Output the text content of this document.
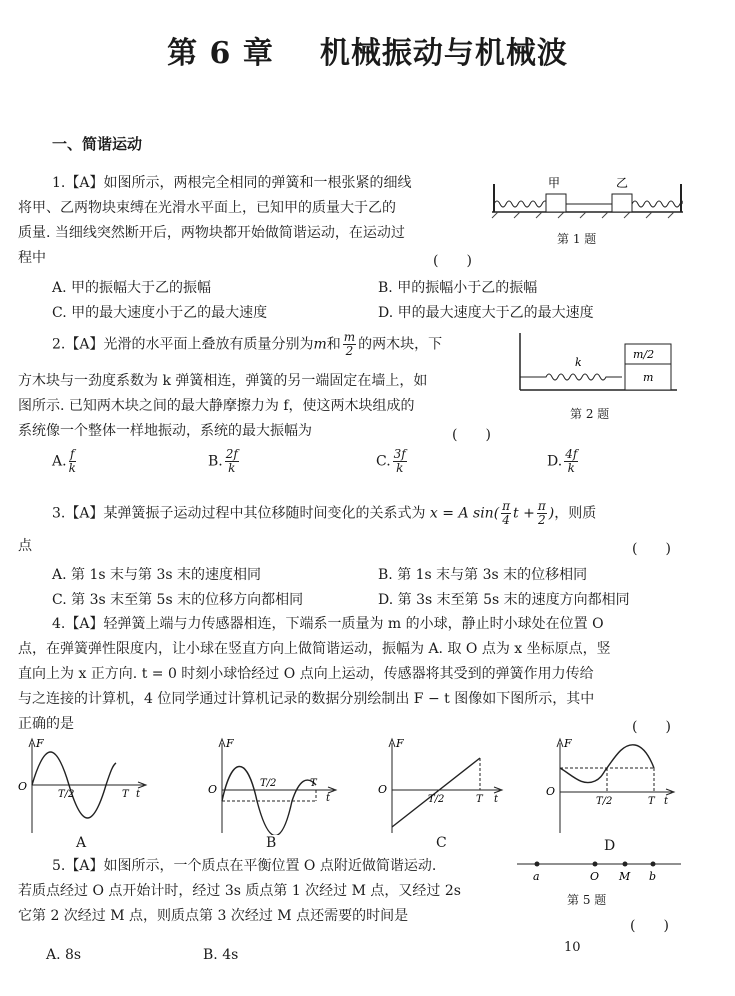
第 6 章 机械振动与机械波
一、简谐运动
1.【A】如图所示，两根完全相同的弹簧和一根张紧的细线
将甲、乙两物块束缚在光滑水平面上，已知甲的质量大于乙的
质量. 当细线突然断开后，两物块都开始做简谐运动，在运动过
程中	(　　)
甲	乙
第 1 题
A. 甲的振幅大于乙的振幅	B. 甲的振幅小于乙的振幅
C. 甲的最大速度小于乙的最大速度	D. 甲的最大速度大于乙的最大速度
2.【A】光滑的水平面上叠放有质量分别为m和 $\frac{m}{2}$ 的两木块，下
方木块与一劲度系数为 k 弹簧相连，弹簧的另一端固定在墙上，如
图所示. 已知两木块之间的最大静摩擦力为 f，使这两木块组成的
系统像一个整体一样地振动，系统的最大振幅为	(　　)
m/2
m
k
第 2 题
A. $\frac{f}{k}$	B. $\frac{2f}{k}$	C. $\frac{3f}{k}$	D. $\frac{4f}{k}$
3.【A】某弹簧振子运动过程中其位移随时间变化的关系式为 x = A $\sin( \frac{\pi}{4}$ $t + \frac{\pi}{2}$ )，则质
点	(　　)
A. 第 1s 末与第 3s 末的速度相同	B. 第 1s 末与第 3s 末的位移相同
C. 第 3s 末至第 5s 末的位移方向都相同	D. 第 3s 末至第 5s 末的速度方向都相同
4.【A】轻弹簧上端与力传感器相连，下端系一质量为 m 的小球，静止时小球处在位置 O
点，在弹簧弹性限度内，让小球在竖直方向上做简谐运动，振幅为 A. 取 O 点为 x 坐标原点，竖
直向上为 x 正方向. t = 0 时刻小球恰经过 O 点向上运动，传感器将其受到的弹簧作用力传给
与之连接的计算机，4 位同学通过计算机记录的数据分别绘制出 F − t 图像如下图所示，其中
正确的是	(　　)
F
O
T/2	T t
A
F
O	T/2	T
t
B
F
O
T/2	T t
C
F
O
T/2	T t
D
5.【A】如图所示，一个质点在平衡位置 O 点附近做简谐运动.
若质点经过 O 点开始计时，经过 3s 质点第 1 次经过 M 点，又经过 2s
它第 2 次经过 M 点，则质点第 3 次经过 M 点还需要的时间是
(　　)
a	O M b
第 5 题
A. 8s	B. 4s	10
